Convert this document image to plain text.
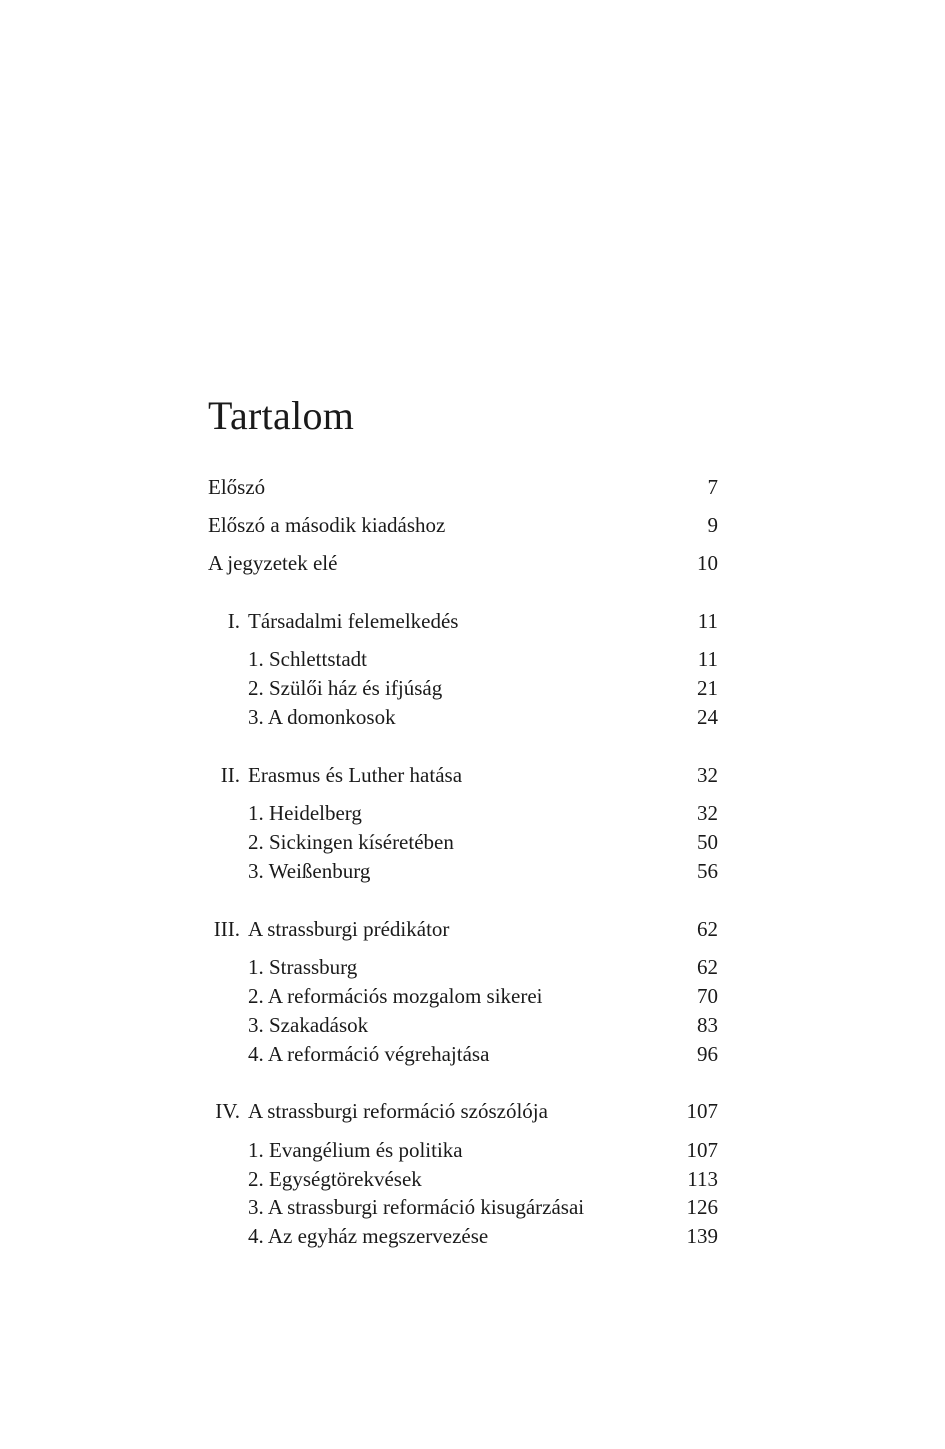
Tartalom
Előszó	7
Előszó a második kiadáshoz	9
A jegyzetek elé	10
I. Társadalmi felemelkedés	11
1. Schlettstadt	11
2. Szülői ház és ifjúság	21
3. A domonkosok	24
II. Erasmus és Luther hatása	32
1. Heidelberg	32
2. Sickingen kíséretében	50
3. Weißenburg	56
III. A strassburgi prédikátor	62
1. Strassburg	62
2. A reformációs mozgalom sikerei	70
3. Szakadások	83
4. A reformáció végrehajtása	96
IV. A strassburgi reformáció szószólója	107
1. Evangélium és politika	107
2. Egységtörekvések	113
3. A strassburgi reformáció kisugárzásai	126
4. Az egyház megszervezése	139
